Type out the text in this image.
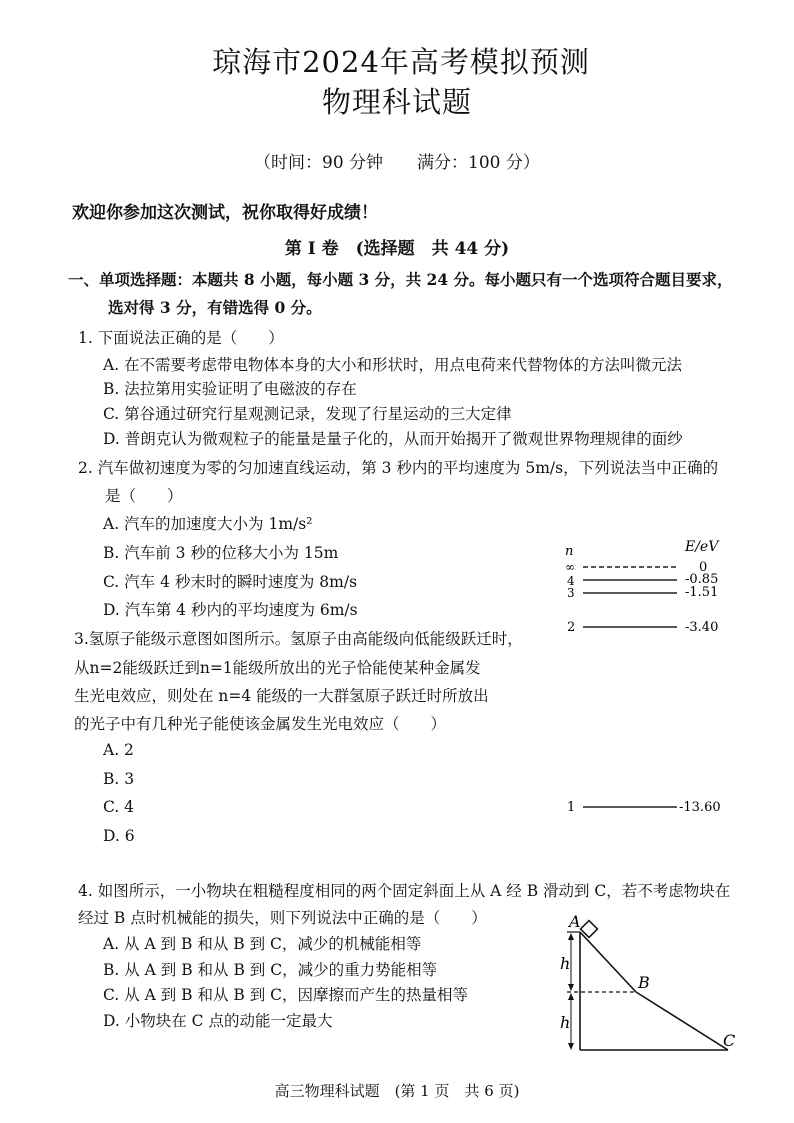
琼海市2024年高考模拟预测
物理科试题
（时间：90 分钟　　满分：100 分）
欢迎你参加这次测试，祝你取得好成绩！
第 I 卷　(选择题　共 44 分)
一、单项选择题：本题共 8 小题，每小题 3 分，共 24 分。每小题只有一个选项符合题目要求，
选对得 3 分，有错选得 0 分。
1. 下面说法正确的是（　　）
A. 在不需要考虑带电物体本身的大小和形状时，用点电荷来代替物体的方法叫微元法
B. 法拉第用实验证明了电磁波的存在
C. 第谷通过研究行星观测记录，发现了行星运动的三大定律
D. 普朗克认为微观粒子的能量是量子化的，从而开始揭开了微观世界物理规律的面纱
2. 汽车做初速度为零的匀加速直线运动，第 3 秒内的平均速度为 5m/s，下列说法当中正确的
是（　　）
A. 汽车的加速度大小为 1m/s²
B. 汽车前 3 秒的位移大小为 15m
C. 汽车 4 秒末时的瞬时速度为 8m/s
D. 汽车第 4 秒内的平均速度为 6m/s
3.氢原子能级示意图如图所示。氢原子由高能级向低能级跃迁时，
从n=2能级跃迁到n=1能级所放出的光子恰能使某种金属发
生光电效应，则处在 n=4 能级的一大群氢原子跃迁时所放出
的光子中有几种光子能使该金属发生光电效应（　　）
A. 2
B. 3
C. 4
D. 6
n	E/eV
∞	0
4	-0.85
3	-1.51
2	-3.40
1	-13.60
4. 如图所示，一小物块在粗糙程度相同的两个固定斜面上从 A 经 B 滑动到 C，若不考虑物块在
经过 B 点时机械能的损失，则下列说法中正确的是（　　）
A. 从 A 到 B 和从 B 到 C，减少的机械能相等
B. 从 A 到 B 和从 B 到 C，减少的重力势能相等
C. 从 A 到 B 和从 B 到 C，因摩擦而产生的热量相等
D. 小物块在 C 点的动能一定最大
A
B
C
h
h
高三物理科试题　(第 1 页　共 6 页)
